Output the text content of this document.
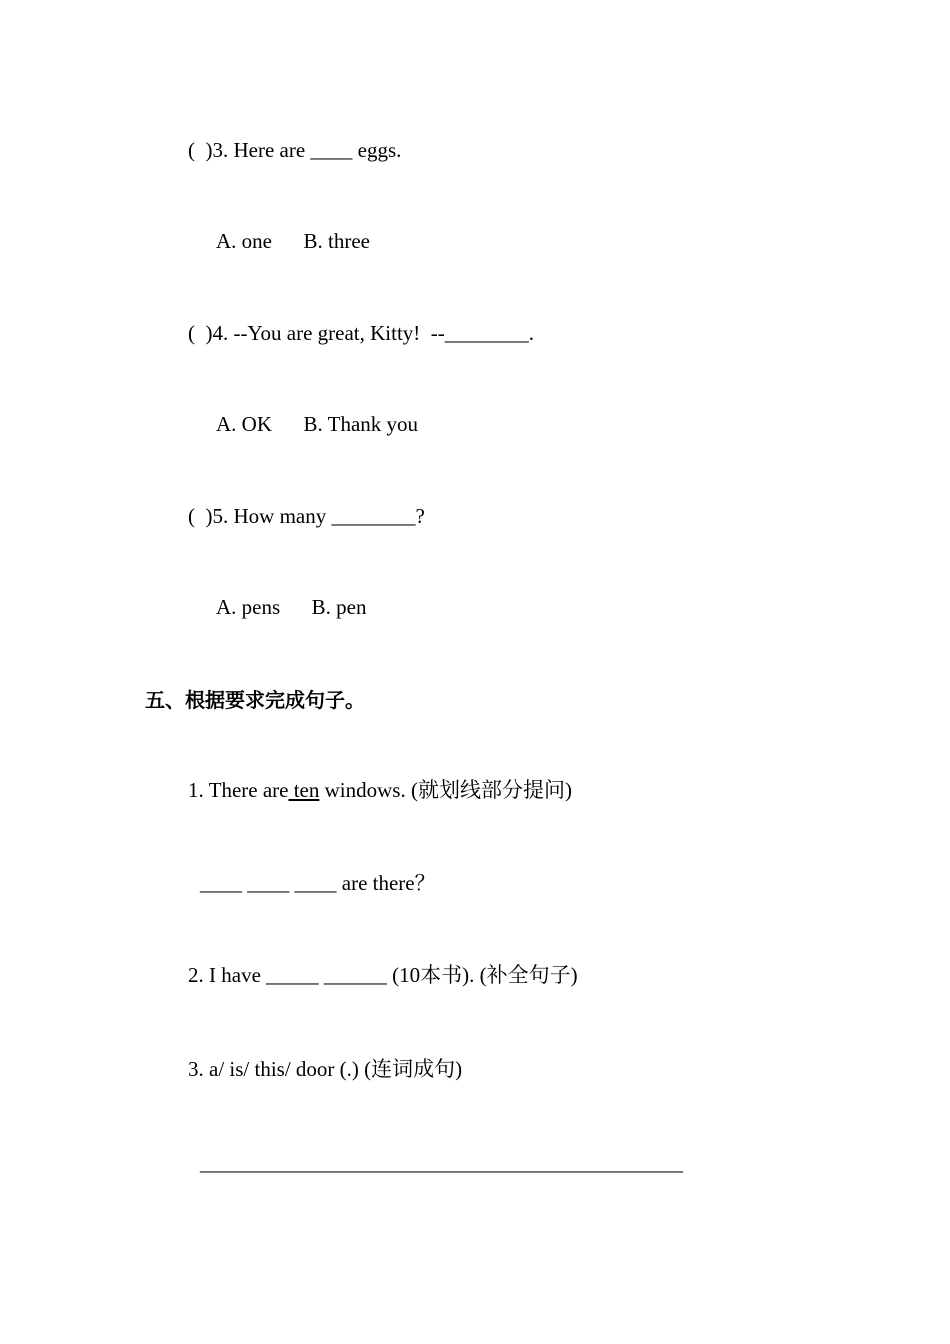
(  )3. Here are ____ eggs.
A. one      B. three
(  )4. --You are great, Kitty!  --________.
A. OK      B. Thank you
(  )5. How many ________?
A. pens      B. pen
五、根据要求完成句子。
1. There are ten windows. (就划线部分提问)
____ ____ ____ are there？
2. I have _____ ______ (10本书). (补全句子)
3. a/ is/ this/ door (.) (连词成句)
______________________________________________
